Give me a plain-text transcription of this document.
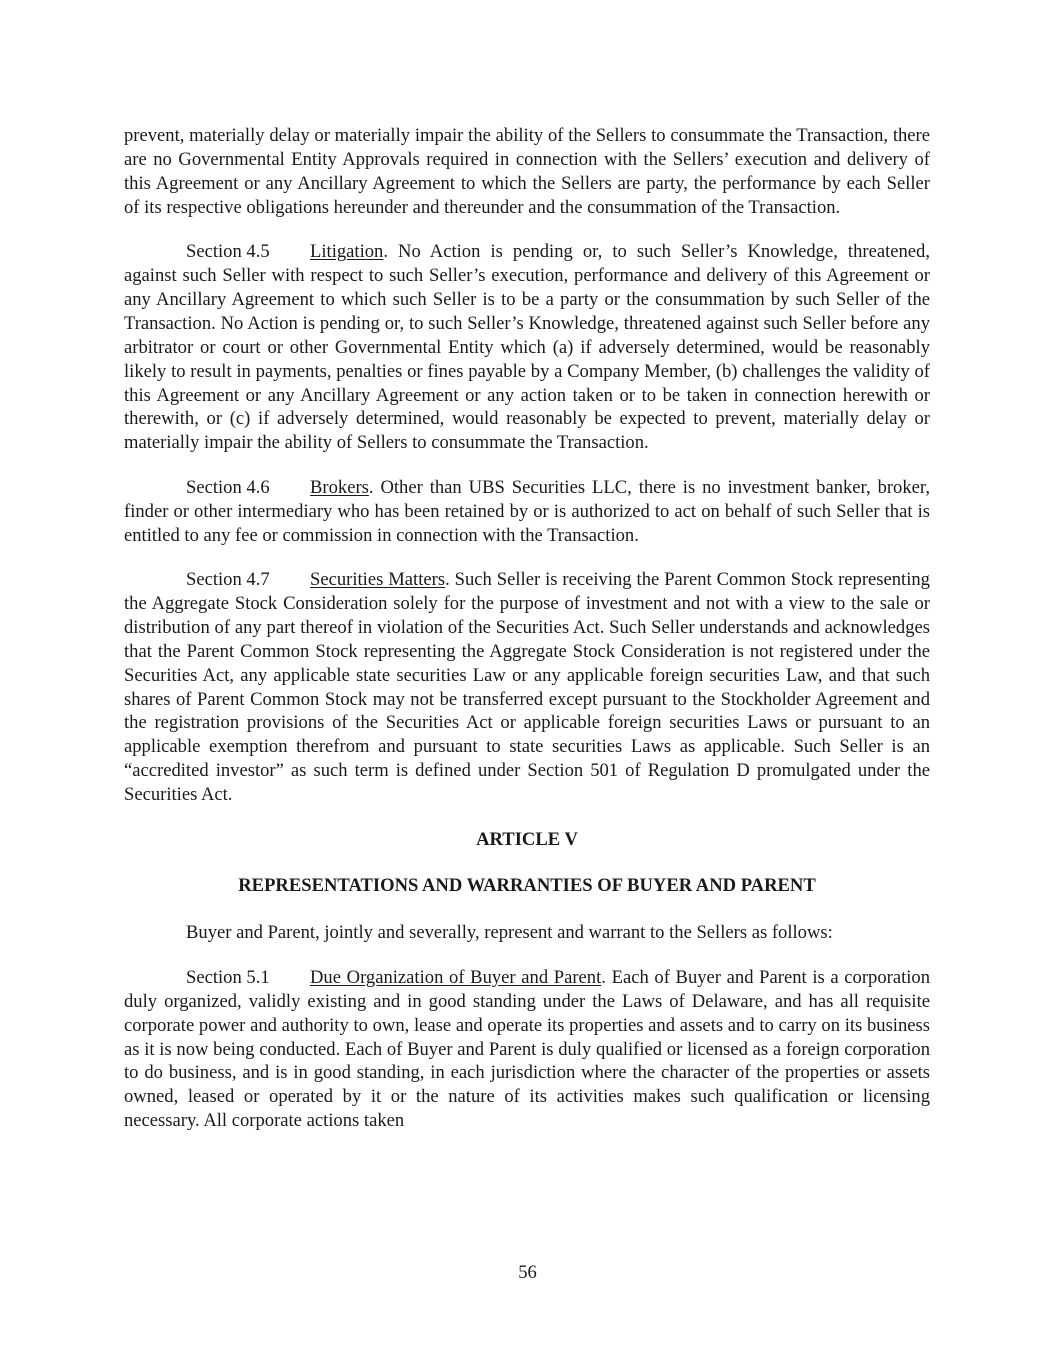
prevent, materially delay or materially impair the ability of the Sellers to consummate the Transaction, there are no Governmental Entity Approvals required in connection with the Sellers’ execution and delivery of this Agreement or any Ancillary Agreement to which the Sellers are party, the performance by each Seller of its respective obligations hereunder and thereunder and the consummation of the Transaction.

Section 4.5 Litigation. No Action is pending or, to such Seller’s Knowledge, threatened, against such Seller with respect to such Seller’s execution, performance and delivery of this Agreement or any Ancillary Agreement to which such Seller is to be a party or the consummation by such Seller of the Transaction. No Action is pending or, to such Seller’s Knowledge, threatened against such Seller before any arbitrator or court or other Governmental Entity which (a) if adversely determined, would be reasonably likely to result in payments, penalties or fines payable by a Company Member, (b) challenges the validity of this Agreement or any Ancillary Agreement or any action taken or to be taken in connection herewith or therewith, or (c) if adversely determined, would reasonably be expected to prevent, materially delay or materially impair the ability of Sellers to consummate the Transaction.

Section 4.6 Brokers. Other than UBS Securities LLC, there is no investment banker, broker, finder or other intermediary who has been retained by or is authorized to act on behalf of such Seller that is entitled to any fee or commission in connection with the Transaction.

Section 4.7 Securities Matters. Such Seller is receiving the Parent Common Stock representing the Aggregate Stock Consideration solely for the purpose of investment and not with a view to the sale or distribution of any part thereof in violation of the Securities Act. Such Seller understands and acknowledges that the Parent Common Stock representing the Aggregate Stock Consideration is not registered under the Securities Act, any applicable state securities Law or any applicable foreign securities Law, and that such shares of Parent Common Stock may not be transferred except pursuant to the Stockholder Agreement and the registration provisions of the Securities Act or applicable foreign securities Laws or pursuant to an applicable exemption therefrom and pursuant to state securities Laws as applicable. Such Seller is an “accredited investor” as such term is defined under Section 501 of Regulation D promulgated under the Securities Act.

ARTICLE V

REPRESENTATIONS AND WARRANTIES OF BUYER AND PARENT

Buyer and Parent, jointly and severally, represent and warrant to the Sellers as follows:

Section 5.1 Due Organization of Buyer and Parent. Each of Buyer and Parent is a corporation duly organized, validly existing and in good standing under the Laws of Delaware, and has all requisite corporate power and authority to own, lease and operate its properties and assets and to carry on its business as it is now being conducted. Each of Buyer and Parent is duly qualified or licensed as a foreign corporation to do business, and is in good standing, in each jurisdiction where the character of the properties or assets owned, leased or operated by it or the nature of its activities makes such qualification or licensing necessary. All corporate actions taken

56
